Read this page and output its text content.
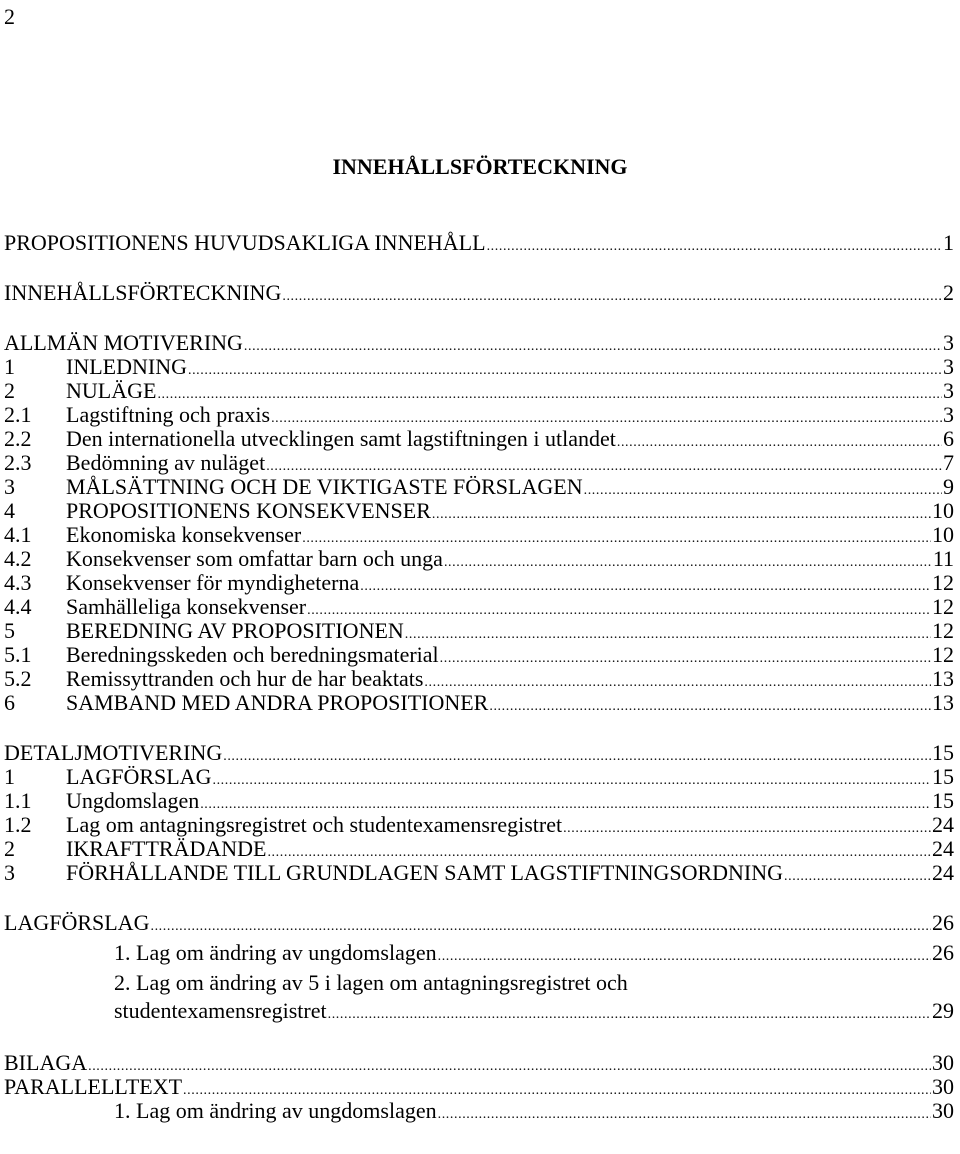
2
INNEHÅLLSFÖRTECKNING
PROPOSITIONENS HUVUDSAKLIGA INNEHÅLL .....	1
INNEHÅLLSFÖRTECKNING .....	2
ALLMÄN MOTIVERING .....	3
1	INLEDNING .....	3
2	NULÄGE .....	3
2.1	Lagstiftning och praxis .....	3
2.2	Den internationella utvecklingen samt lagstiftningen i utlandet .....	6
2.3	Bedömning av nuläget .....	7
3	MÅLSÄTTNING OCH DE VIKTIGASTE FÖRSLAGEN .....	9
4	PROPOSITIONENS KONSEKVENSER .....	10
4.1	Ekonomiska konsekvenser .....	10
4.2	Konsekvenser som omfattar barn och unga .....	11
4.3	Konsekvenser för myndigheterna .....	12
4.4	Samhälleliga konsekvenser .....	12
5	BEREDNING AV PROPOSITIONEN .....	12
5.1	Beredningsskeden och beredningsmaterial .....	12
5.2	Remissyttranden och hur de har beaktats .....	13
6	SAMBAND MED ANDRA PROPOSITIONER .....	13
DETALJMOTIVERING .....	15
1	LAGFÖRSLAG .....	15
1.1	Ungdomslagen .....	15
1.2	Lag om antagningsregistret och studentexamensregistret .....	24
2	IKRAFTTRÄDANDE .....	24
3	FÖRHÅLLANDE TILL GRUNDLAGEN SAMT LAGSTIFTNINGSORDNING .....	24
LAGFÖRSLAG .....	26
1. Lag om ändring av ungdomslagen .....	26
2. Lag om ändring av 5 i lagen om antagningsregistret och
studentexamensregistret .....	29
BILAGA .....	30
PARALLELLTEXT .....	30
1. Lag om ändring av ungdomslagen .....	30
